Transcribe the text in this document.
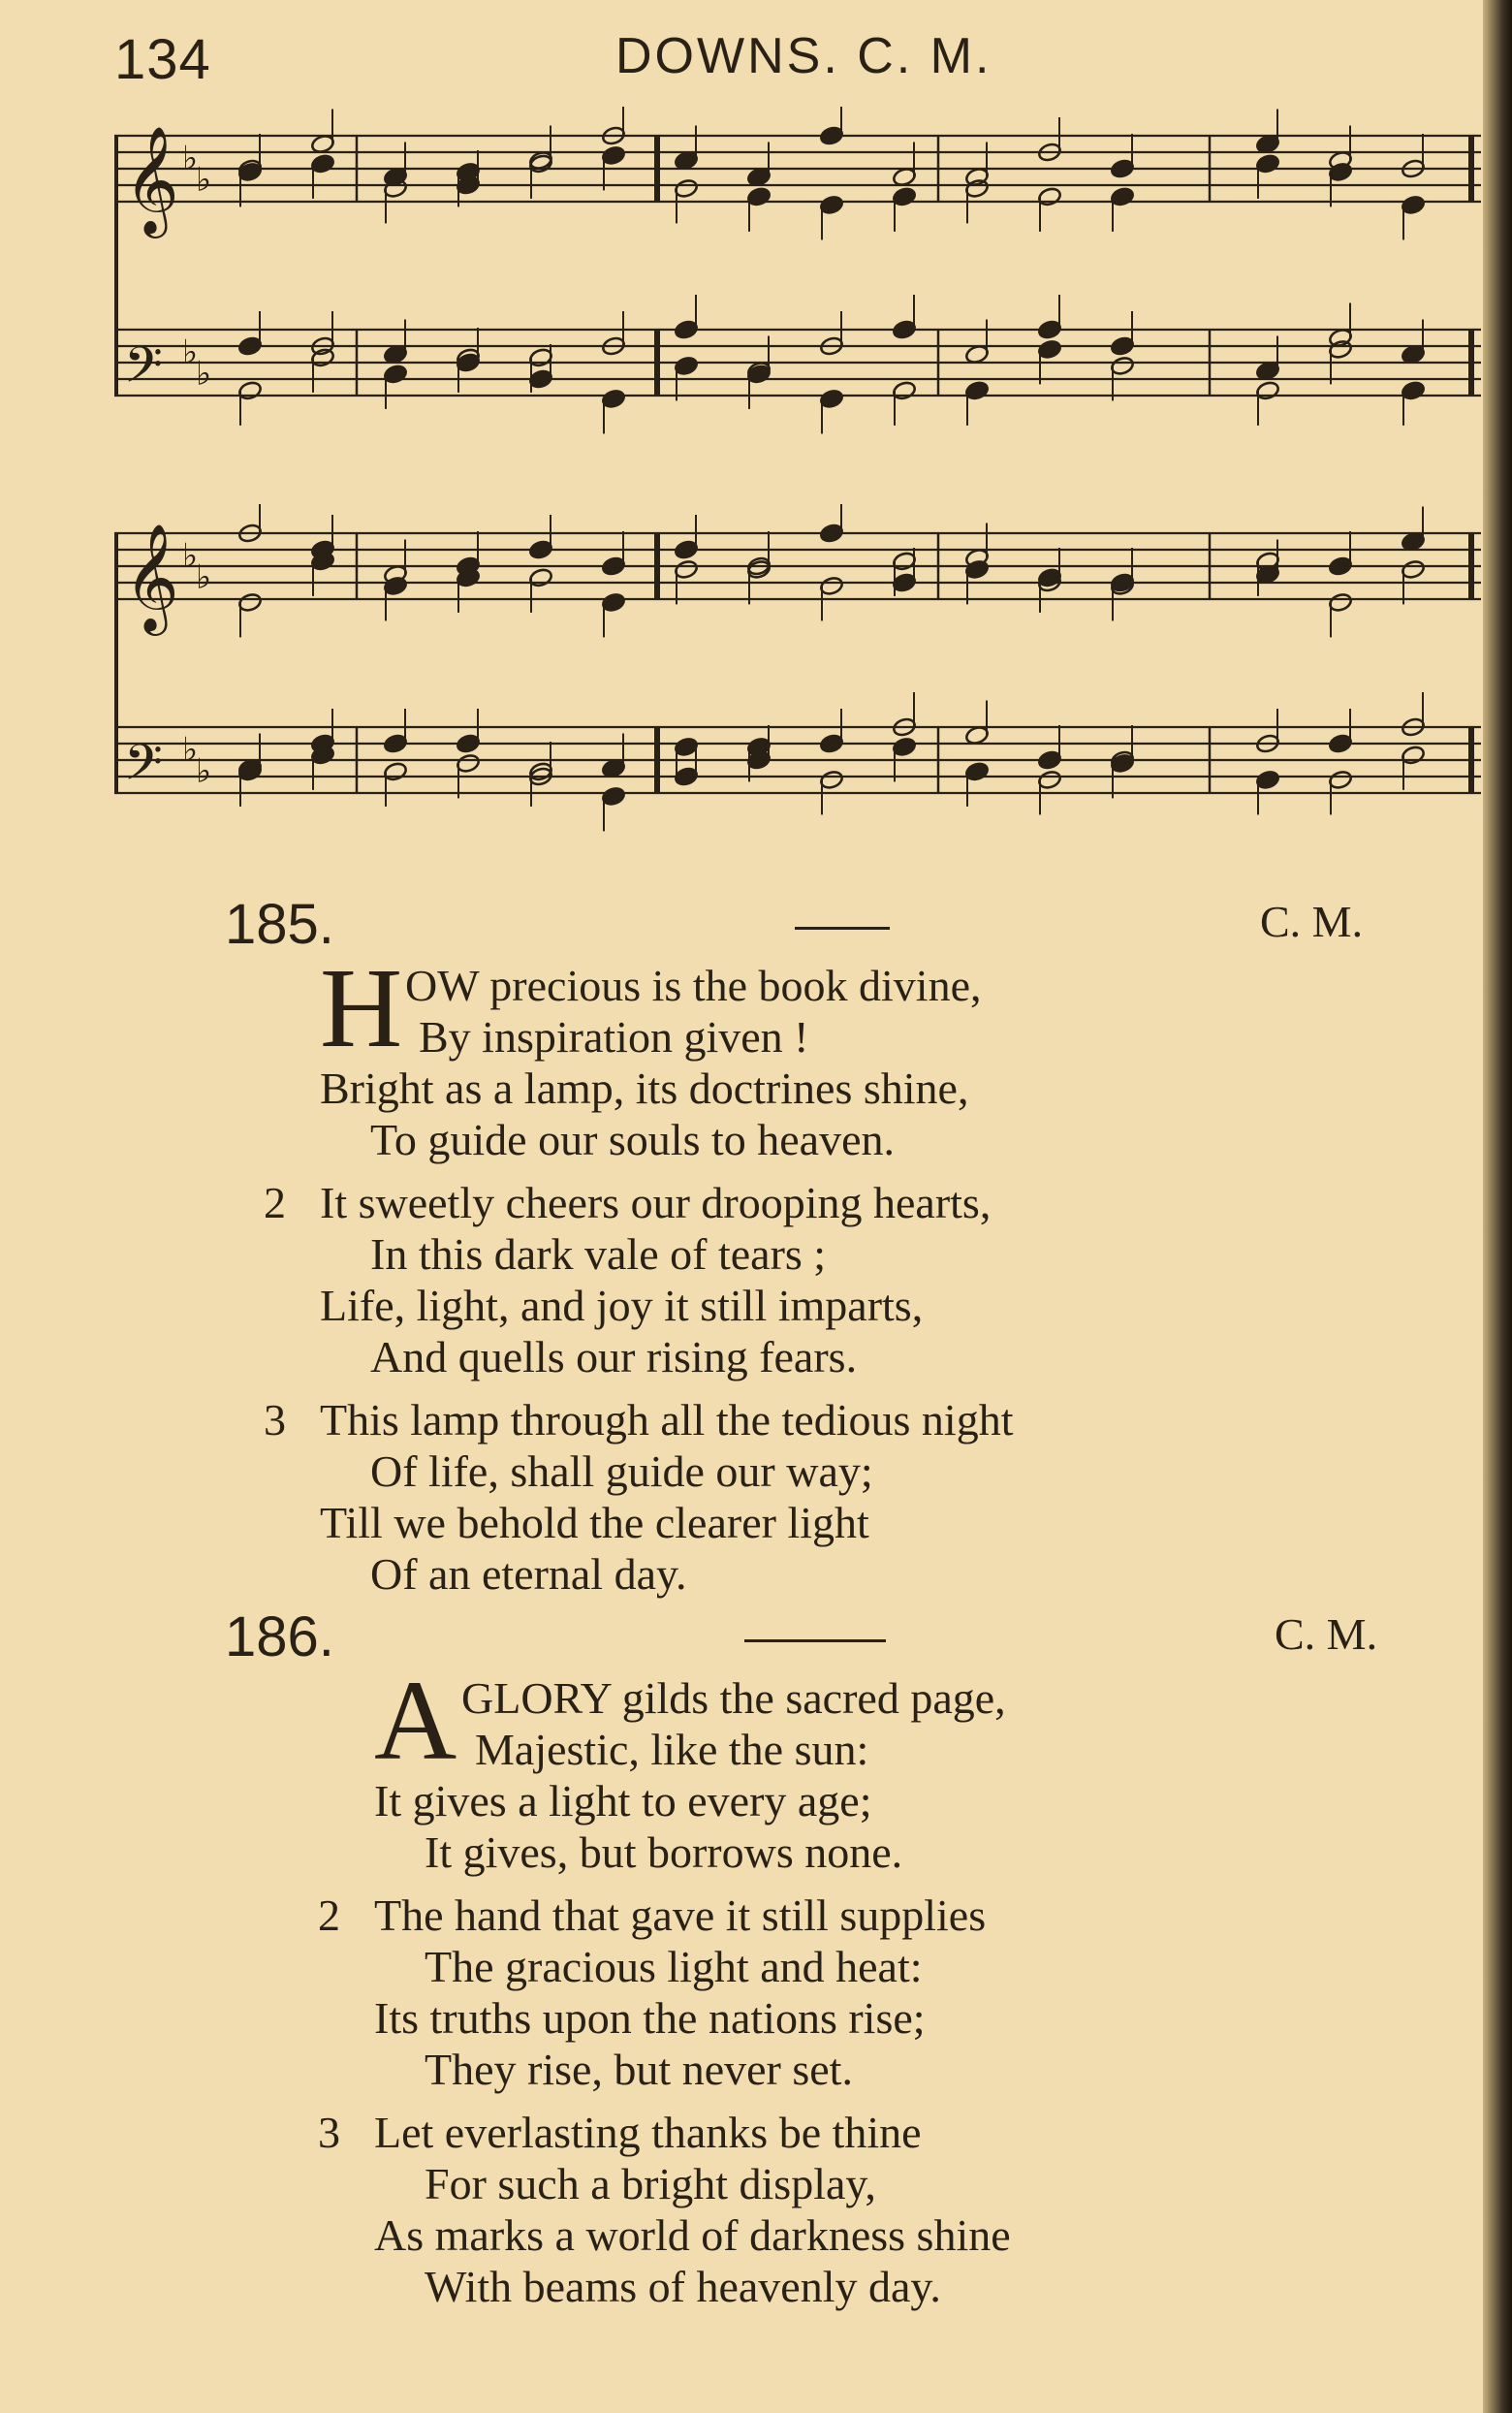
134	DOWNS. C. M.
𝄞 ♭
♭
𝄢 ♭
♭
𝄞 ♭
♭
𝄢 ♭
♭
185.	C. M.
H OW precious is the book divine,
By inspiration given !
Bright as a lamp, its doctrines shine,
To guide our souls to heaven.
2 It sweetly cheers our drooping hearts,
In this dark vale of tears ;
Life, light, and joy it still imparts,
And quells our rising fears.
3 This lamp through all the tedious night
Of life, shall guide our way;
Till we behold the clearer light
Of an eternal day.
186.	C. M.
A GLORY gilds the sacred page,
Majestic, like the sun:
It gives a light to every age;
It gives, but borrows none.
2 The hand that gave it still supplies
The gracious light and heat:
Its truths upon the nations rise;
They rise, but never set.
3 Let everlasting thanks be thine
For such a bright display,
As marks a world of darkness shine
With beams of heavenly day.
